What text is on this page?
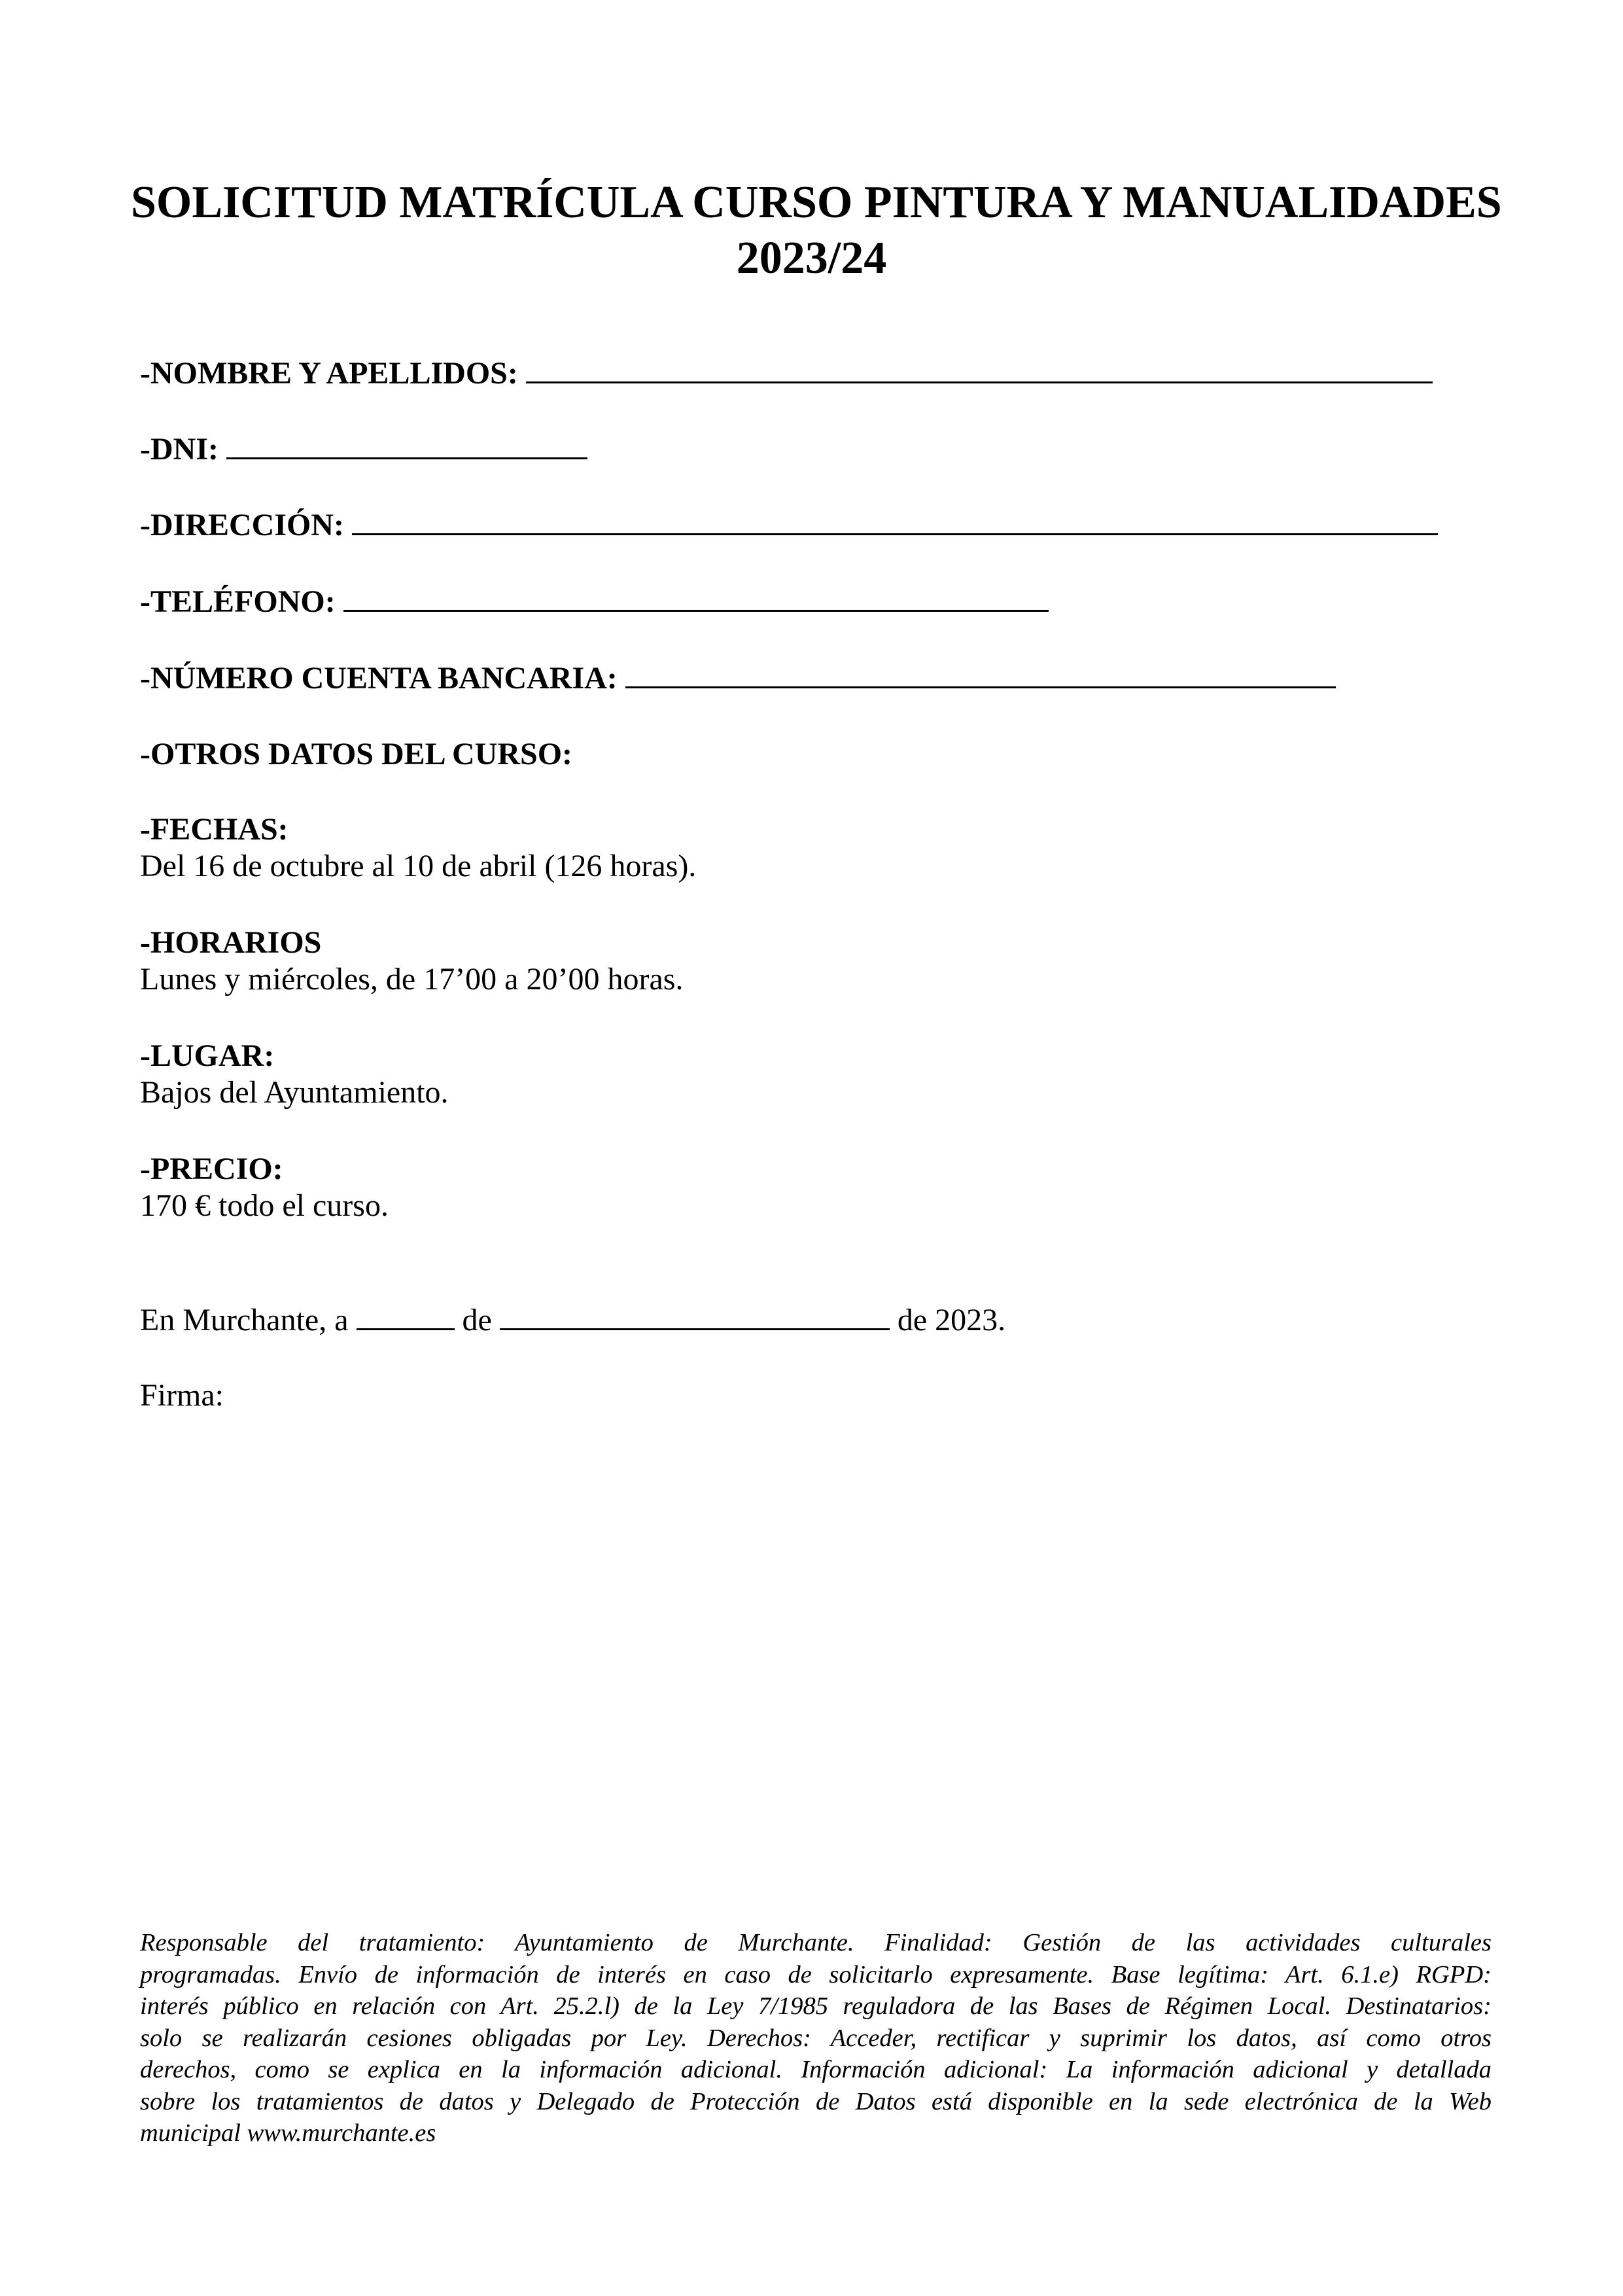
SOLICITUD MATRÍCULA CURSO PINTURA Y MANUALIDADES
2023/24
-NOMBRE Y APELLIDOS:
-DNI:
-DIRECCIÓN:
-TELÉFONO:
-NÚMERO CUENTA BANCARIA:
-OTROS DATOS DEL CURSO:
-FECHAS:
Del 16 de octubre al 10 de abril (126 horas).
-HORARIOS
Lunes y miércoles, de 17’00 a 20’00 horas.
-LUGAR:
Bajos del Ayuntamiento.
-PRECIO:
170 € todo el curso.
En Murchante, a	de	de 2023.
Firma:
Responsable del tratamiento: Ayuntamiento de Murchante. Finalidad: Gestión de las actividades culturales
programadas. Envío de información de interés en caso de solicitarlo expresamente. Base legítima: Art. 6.1.e) RGPD:
interés público en relación con Art. 25.2.l) de la Ley 7/1985 reguladora de las Bases de Régimen Local. Destinatarios:
solo se realizarán cesiones obligadas por Ley. Derechos: Acceder, rectificar y suprimir los datos, así como otros
derechos, como se explica en la información adicional. Información adicional: La información adicional y detallada
sobre los tratamientos de datos y Delegado de Protección de Datos está disponible en la sede electrónica de la Web
municipal www.murchante.es
